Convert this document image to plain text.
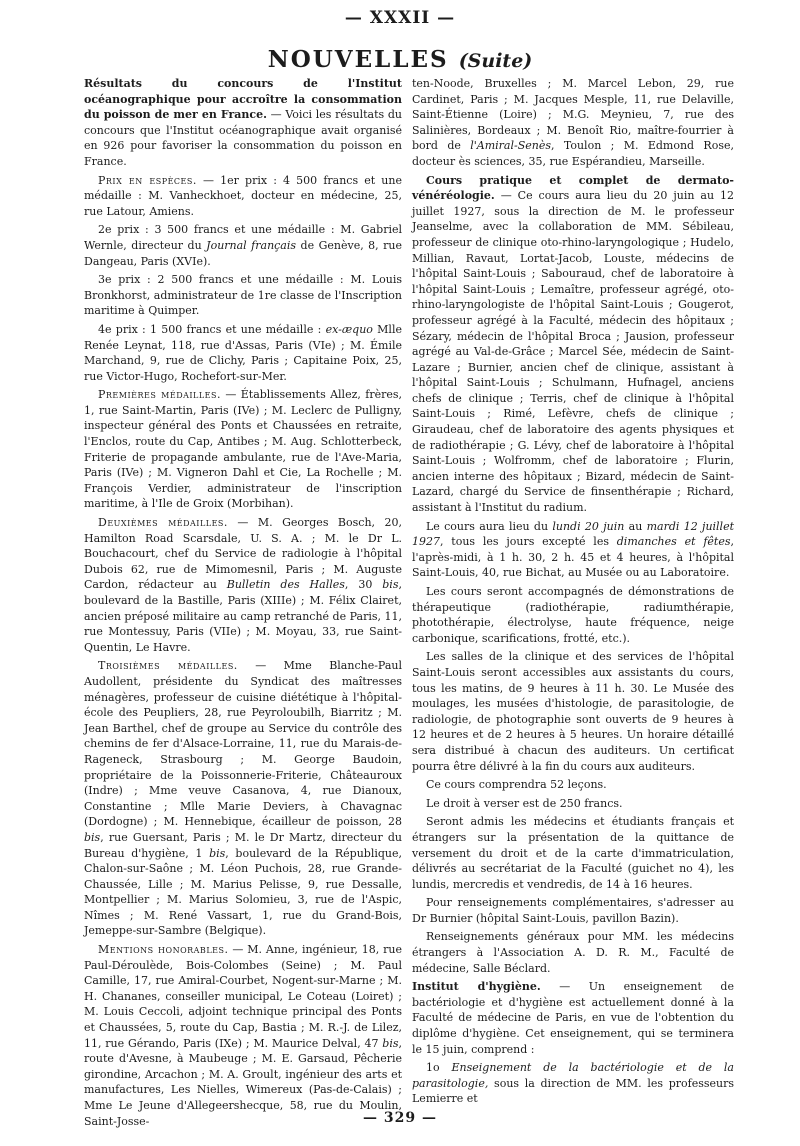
— XXXII —
NOUVELLES (Suite)

Résultats du concours de l'Institut océanographique pour accroître la consommation du poisson de mer en France. — Voici les résultats du concours que l'Institut océanographique avait organisé en 926 pour favoriser la consommation du poisson en France.

Prix en espèces. — 1er prix : 4 500 francs et une médaille : M. Vanheckhoet, docteur en médecine, 25, rue Latour, Amiens.

2e prix : 3 500 francs et une médaille : M. Gabriel Wernle, directeur du Journal français de Genève, 8, rue Dangeau, Paris (XVIe).

3e prix : 2 500 francs et une médaille : M. Louis Bronkhorst, administrateur de 1re classe de l'Inscription maritime à Quimper.

4e prix : 1 500 francs et une médaille : ex-æquo Mlle Renée Leynat, 118, rue d'Assas, Paris (VIe) ; M. Émile Marchand, 9, rue de Clichy, Paris ; Capitaine Poix, 25, rue Victor-Hugo, Rochefort-sur-Mer.

Premières médailles. — Établissements Allez, frères, 1, rue Saint-Martin, Paris (IVe) ; M. Leclerc de Pulligny, inspecteur général des Ponts et Chaussées en retraite, l'Enclos, route du Cap, Antibes ; M. Aug. Schlotterbeck, Friterie de propagande ambulante, rue de l'Ave-Maria, Paris (IVe) ; M. Vigneron Dahl et Cie, La Rochelle ; M. François Verdier, administrateur de l'inscription maritime, à l'Ile de Groix (Morbihan).

Deuxièmes médailles. — M. Georges Bosch, 20, Hamilton Road Scarsdale, U. S. A. ; M. le Dr L. Bouchacourt, chef du Service de radiologie à l'hôpital Dubois 62, rue de Mimomesnil, Paris ; M. Auguste Cardon, rédacteur au Bulletin des Halles, 30 bis, boulevard de la Bastille, Paris (XIIIe) ; M. Félix Clairet, ancien préposé militaire au camp retranché de Paris, 11, rue Montessuy, Paris (VIIe) ; M. Moyau, 33, rue Saint-Quentin, Le Havre.

Troisièmes médailles. — Mme Blanche-Paul Audollent, présidente du Syndicat des maîtresses ménagères, professeur de cuisine diététique à l'hôpital-école des Peupliers, 28, rue Peyroloubilh, Biarritz ; M. Jean Barthel, chef de groupe au Service du contrôle des chemins de fer d'Alsace-Lorraine, 11, rue du Marais-de-Rageneck, Strasbourg ; M. George Baudoin, propriétaire de la Poissonnerie-Friterie, Châteauroux (Indre) ; Mme veuve Casanova, 4, rue Dianoux, Constantine ; Mlle Marie Deviers, à Chavagnac (Dordogne) ; M. Hennebique, écailleur de poisson, 28 bis, rue Guersant, Paris ; M. le Dr Martz, directeur du Bureau d'hygiène, 1 bis, boulevard de la République, Chalon-sur-Saône ; M. Léon Puchois, 28, rue Grande-Chaussée, Lille ; M. Marius Pelisse, 9, rue Dessalle, Montpellier ; M. Marius Solomieu, 3, rue de l'Aspic, Nîmes ; M. René Vassart, 1, rue du Grand-Bois, Jemeppe-sur-Sambre (Belgique).

Mentions honorables. — M. Anne, ingénieur, 18, rue Paul-Déroulède, Bois-Colombes (Seine) ; M. Paul Camille, 17, rue Amiral-Courbet, Nogent-sur-Marne ; M. H. Chananes, conseiller municipal, Le Coteau (Loiret) ; M. Louis Ceccoli, adjoint technique principal des Ponts et Chaussées, 5, route du Cap, Bastia ; M. R.-J. de Lilez, 11, rue Gérando, Paris (IXe) ; M. Maurice Delval, 47 bis, route d'Avesne, à Maubeuge ; M. E. Garsaud, Pêcherie girondine, Arcachon ; M. A. Groult, ingénieur des arts et manufactures, Les Nielles, Wimereux (Pas-de-Calais) ; Mme Le Jeune d'Allegeershecque, 58, rue du Moulin, Saint-Josse-

ten-Noode, Bruxelles ; M. Marcel Lebon, 29, rue Cardinet, Paris ; M. Jacques Mesple, 11, rue Delaville, Saint-Étienne (Loire) ; M.G. Meynieu, 7, rue des Salinières, Bordeaux ; M. Benoît Rio, maître-fourrier à bord de l'Amiral-Senès, Toulon ; M. Edmond Rose, docteur ès sciences, 35, rue Espérandieu, Marseille.

Cours pratique et complet de dermato-vénéréologie. — Ce cours aura lieu du 20 juin au 12 juillet 1927, sous la direction de M. le professeur Jeanselme, avec la collaboration de MM. Sébileau, professeur de clinique oto-rhino-laryngologique ; Hudelo, Millian, Ravaut, Lortat-Jacob, Louste, médecins de l'hôpital Saint-Louis ; Sabouraud, chef de laboratoire à l'hôpital Saint-Louis ; Lemaître, professeur agrégé, oto-rhino-laryngologiste de l'hôpital Saint-Louis ; Gougerot, professeur agrégé à la Faculté, médecin des hôpitaux ; Sézary, médecin de l'hôpital Broca ; Jausion, professeur agrégé au Val-de-Grâce ; Marcel Sée, médecin de Saint-Lazare ; Burnier, ancien chef de clinique, assistant à l'hôpital Saint-Louis ; Schulmann, Hufnagel, anciens chefs de clinique ; Terris, chef de clinique à l'hôpital Saint-Louis ; Rimé, Lefèvre, chefs de clinique ; Giraudeau, chef de laboratoire des agents physiques et de radiothérapie ; G. Lévy, chef de laboratoire à l'hôpital Saint-Louis ; Wolfromm, chef de laboratoire ; Flurin, ancien interne des hôpitaux ; Bizard, médecin de Saint-Lazard, chargé du Service de finsenthérapie ; Richard, assistant à l'Institut du radium.

Le cours aura lieu du lundi 20 juin au mardi 12 juillet 1927, tous les jours excepté les dimanches et fêtes, l'après-midi, à 1 h. 30, 2 h. 45 et 4 heures, à l'hôpital Saint-Louis, 40, rue Bichat, au Musée ou au Laboratoire.

Les cours seront accompagnés de démonstrations de thérapeutique (radiothérapie, radiumthérapie, photothérapie, électrolyse, haute fréquence, neige carbonique, scarifications, frotté, etc.).

Les salles de la clinique et des services de l'hôpital Saint-Louis seront accessibles aux assistants du cours, tous les matins, de 9 heures à 11 h. 30. Le Musée des moulages, les musées d'histologie, de parasitologie, de radiologie, de photographie sont ouverts de 9 heures à 12 heures et de 2 heures à 5 heures. Un horaire détaillé sera distribué à chacun des auditeurs. Un certificat pourra être délivré à la fin du cours aux auditeurs.

Ce cours comprendra 52 leçons.

Le droit à verser est de 250 francs.

Seront admis les médecins et étudiants français et étrangers sur la présentation de la quittance de versement du droit et de la carte d'immatriculation, délivrés au secrétariat de la Faculté (guichet no 4), les lundis, mercredis et vendredis, de 14 à 16 heures.

Pour renseignements complémentaires, s'adresser au Dr Burnier (hôpital Saint-Louis, pavillon Bazin).

Renseignements généraux pour MM. les médecins étrangers à l'Association A. D. R. M., Faculté de médecine, Salle Béclard.

Institut d'hygiène. — Un enseignement de bactériologie et d'hygiène est actuellement donné à la Faculté de médecine de Paris, en vue de l'obtention du diplôme d'hygiène. Cet enseignement, qui se terminera le 15 juin, comprend :

1o Enseignement de la bactériologie et de la parasitologie, sous la direction de MM. les professeurs Lemierre et

— 329 —
